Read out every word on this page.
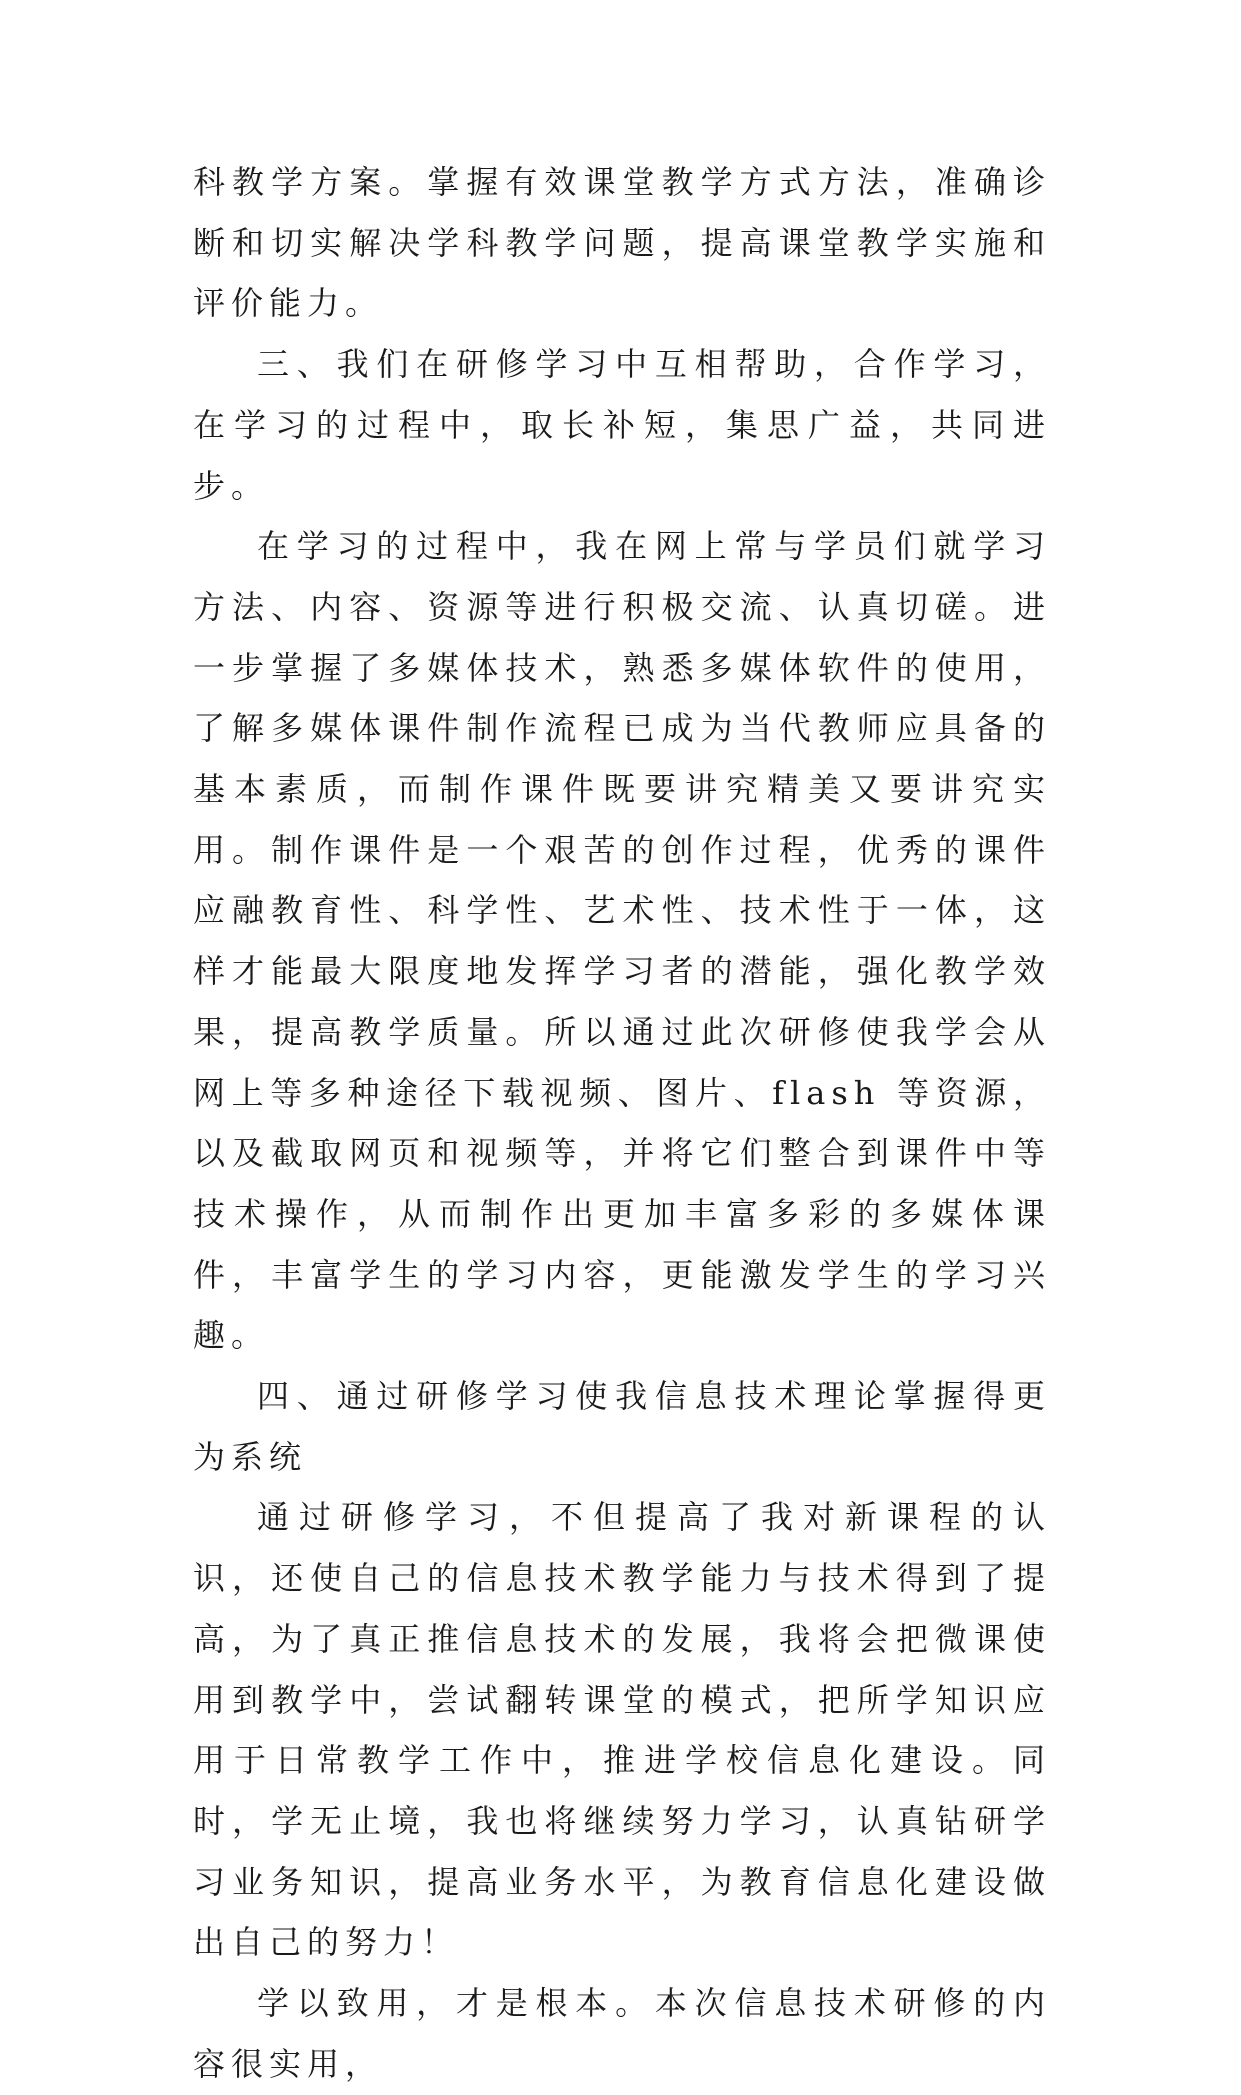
科教学方案。掌握有效课堂教学方式方法，准确诊断和切实解决学科教学问题，提高课堂教学实施和评价能力。

三、我们在研修学习中互相帮助，合作学习，在学习的过程中，取长补短，集思广益，共同进步。

在学习的过程中，我在网上常与学员们就学习方法、内容、资源等进行积极交流、认真切磋。进一步掌握了多媒体技术，熟悉多媒体软件的使用，了解多媒体课件制作流程已成为当代教师应具备的基本素质，而制作课件既要讲究精美又要讲究实用。制作课件是一个艰苦的创作过程，优秀的课件应融教育性、科学性、艺术性、技术性于一体，这样才能最大限度地发挥学习者的潜能，强化教学效果，提高教学质量。所以通过此次研修使我学会从网上等多种途径下载视频、图片、flash 等资源，以及截取网页和视频等，并将它们整合到课件中等技术操作，从而制作出更加丰富多彩的多媒体课件，丰富学生的学习内容，更能激发学生的学习兴趣。

四、通过研修学习使我信息技术理论掌握得更为系统

通过研修学习，不但提高了我对新课程的认识，还使自己的信息技术教学能力与技术得到了提高，为了真正推信息技术的发展，我将会把微课使用到教学中，尝试翻转课堂的模式，把所学知识应用于日常教学工作中，推进学校信息化建设。同时，学无止境，我也将继续努力学习，认真钻研学习业务知识，提高业务水平，为教育信息化建设做出自己的努力！

学以致用，才是根本。本次信息技术研修的内容很实用，
